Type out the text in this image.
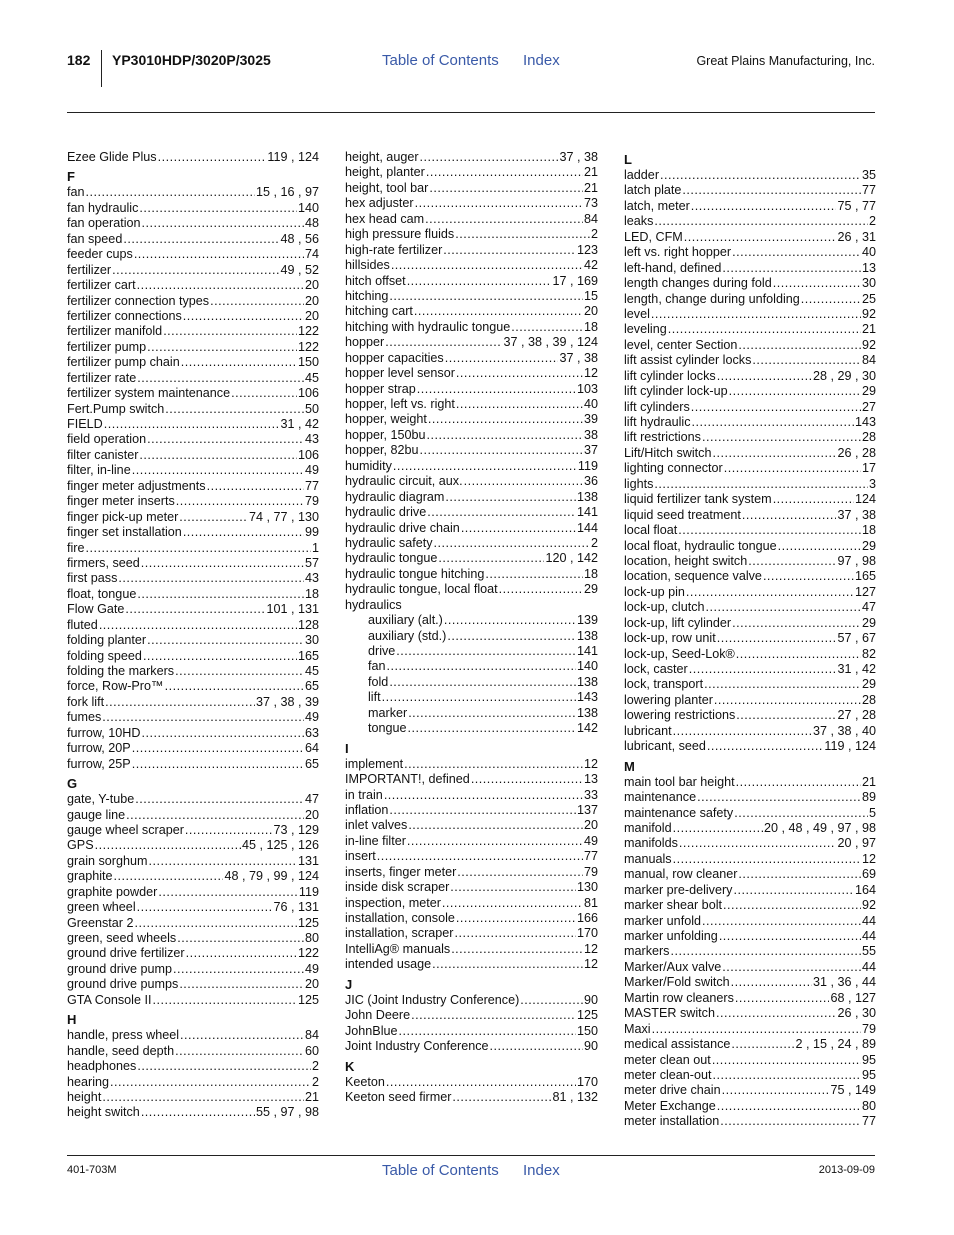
182 YP3010HDP/3020P/3025	Table of Contents Index	Great Plains Manufacturing, Inc.
Ezee Glide Plus .....	119 , 124
F
fan .....	15 , 16 , 97
fan hydraulic .....	140
fan operation .....	48
fan speed .....	48 , 56
feeder cups .....	74
fertilizer .....	49 , 52
fertilizer cart .....	20
fertilizer connection types .....	20
fertilizer connections .....	20
fertilizer manifold .....	122
fertilizer pump .....	122
fertilizer pump chain .....	150
fertilizer rate .....	45
fertilizer system maintenance .....	106
Fert.Pump switch .....	50
FIELD .....	31 , 42
field operation .....	43
filter canister .....	106
filter, in-line .....	49
finger meter adjustments .....	77
finger meter inserts .....	79
finger pick-up meter .....	74 , 77 , 130
finger set installation .....	99
fire .....	1
firmers, seed .....	57
first pass .....	43
float, tongue .....	18
Flow Gate .....	101 , 131
fluted .....	128
folding planter .....	30
folding speed .....	165
folding the markers .....	45
force, Row-Pro™ .....	65
fork lift .....	37 , 38 , 39
fumes .....	49
furrow, 10HD .....	63
furrow, 20P .....	64
furrow, 25P .....	65
G
gate, Y-tube .....	47
gauge line .....	20
gauge wheel scraper .....	73 , 129
GPS .....	45 , 125 , 126
grain sorghum .....	131
graphite .....	48 , 79 , 99 , 124
graphite powder .....	119
green wheel .....	76 , 131
Greenstar 2 .....	125
green, seed wheels .....	80
ground drive fertilizer .....	122
ground drive pump .....	49
ground drive pumps .....	20
GTA Console II .....	125
H
handle, press wheel .....	84
handle, seed depth .....	60
headphones .....	2
hearing .....	2
height .....	21
height switch .....	55 , 97 , 98
height, auger .....	37 , 38
height, planter .....	21
height, tool bar .....	21
hex adjuster .....	73
hex head cam .....	84
high pressure fluids .....	2
high-rate fertilizer .....	123
hillsides .....	42
hitch offset .....	17 , 169
hitching .....	15
hitching cart .....	20
hitching with hydraulic tongue .....	18
hopper .....	37 , 38 , 39 , 124
hopper capacities .....	37 , 38
hopper level sensor .....	12
hopper strap .....	103
hopper, left vs. right .....	40
hopper, weight .....	39
hopper, 150bu .....	38
hopper, 82bu .....	37
humidity .....	119
hydraulic circuit, aux. .....	36
hydraulic diagram .....	138
hydraulic drive .....	141
hydraulic drive chain .....	144
hydraulic safety .....	2
hydraulic tongue .....	120 , 142
hydraulic tongue hitching .....	18
hydraulic tongue, local float .....	29
hydraulics
auxiliary (alt.) .....	139
auxiliary (std.) .....	138
drive .....	141
fan .....	140
fold .....	138
lift .....	143
marker .....	138
tongue .....	142
I
implement .....	12
IMPORTANT!, defined .....	13
in train .....	33
inflation .....	137
inlet valves .....	20
in-line filter .....	49
insert .....	77
inserts, finger meter .....	79
inside disk scraper .....	130
inspection, meter .....	81
installation, console .....	166
installation, scraper .....	170
IntelliAg® manuals .....	12
intended usage .....	12
J
JIC (Joint Industry Conference) .....	90
John Deere .....	125
JohnBlue .....	150
Joint Industry Conference .....	90
K
Keeton .....	170
Keeton seed firmer .....	81 , 132
L
ladder .....	35
latch plate .....	77
latch, meter .....	75 , 77
leaks .....	2
LED, CFM .....	26 , 31
left vs. right hopper .....	40
left-hand, defined .....	13
length changes during fold .....	30
length, change during unfolding .....	25
level .....	92
leveling .....	21
level, center Section .....	92
lift assist cylinder locks .....	84
lift cylinder locks .....	28 , 29 , 30
lift cylinder lock-up .....	29
lift cylinders .....	27
lift hydraulic .....	143
lift restrictions .....	28
Lift/Hitch switch .....	26 , 28
lighting connector .....	17
lights .....	3
liquid fertilizer tank system .....	124
liquid seed treatment .....	37 , 38
local float .....	18
local float, hydraulic tongue .....	29
location, height switch .....	97 , 98
location, sequence valve .....	165
lock-up pin .....	127
lock-up, clutch .....	47
lock-up, lift cylinder .....	29
lock-up, row unit .....	57 , 67
lock-up, Seed-Lok® .....	82
lock, caster .....	31 , 42
lock, transport .....	29
lowering planter .....	28
lowering restrictions .....	27 , 28
lubricant .....	37 , 38 , 40
lubricant, seed .....	119 , 124
M
main tool bar height .....	21
maintenance .....	89
maintenance safety .....	5
manifold .....	20 , 48 , 49 , 97 , 98
manifolds .....	20 , 97
manuals .....	12
manual, row cleaner .....	69
marker pre-delivery .....	164
marker shear bolt .....	92
marker unfold .....	44
marker unfolding .....	44
markers .....	55
Marker/Aux valve .....	44
Marker/Fold switch .....	31 , 36 , 44
Martin row cleaners .....	68 , 127
MASTER switch .....	26 , 30
Maxi .....	79
medical assistance .....	2 , 15 , 24 , 89
meter clean out .....	95
meter clean-out .....	95
meter drive chain .....	75 , 149
Meter Exchange .....	80
meter installation .....	77
401-703M	Table of Contents Index	2013-09-09
